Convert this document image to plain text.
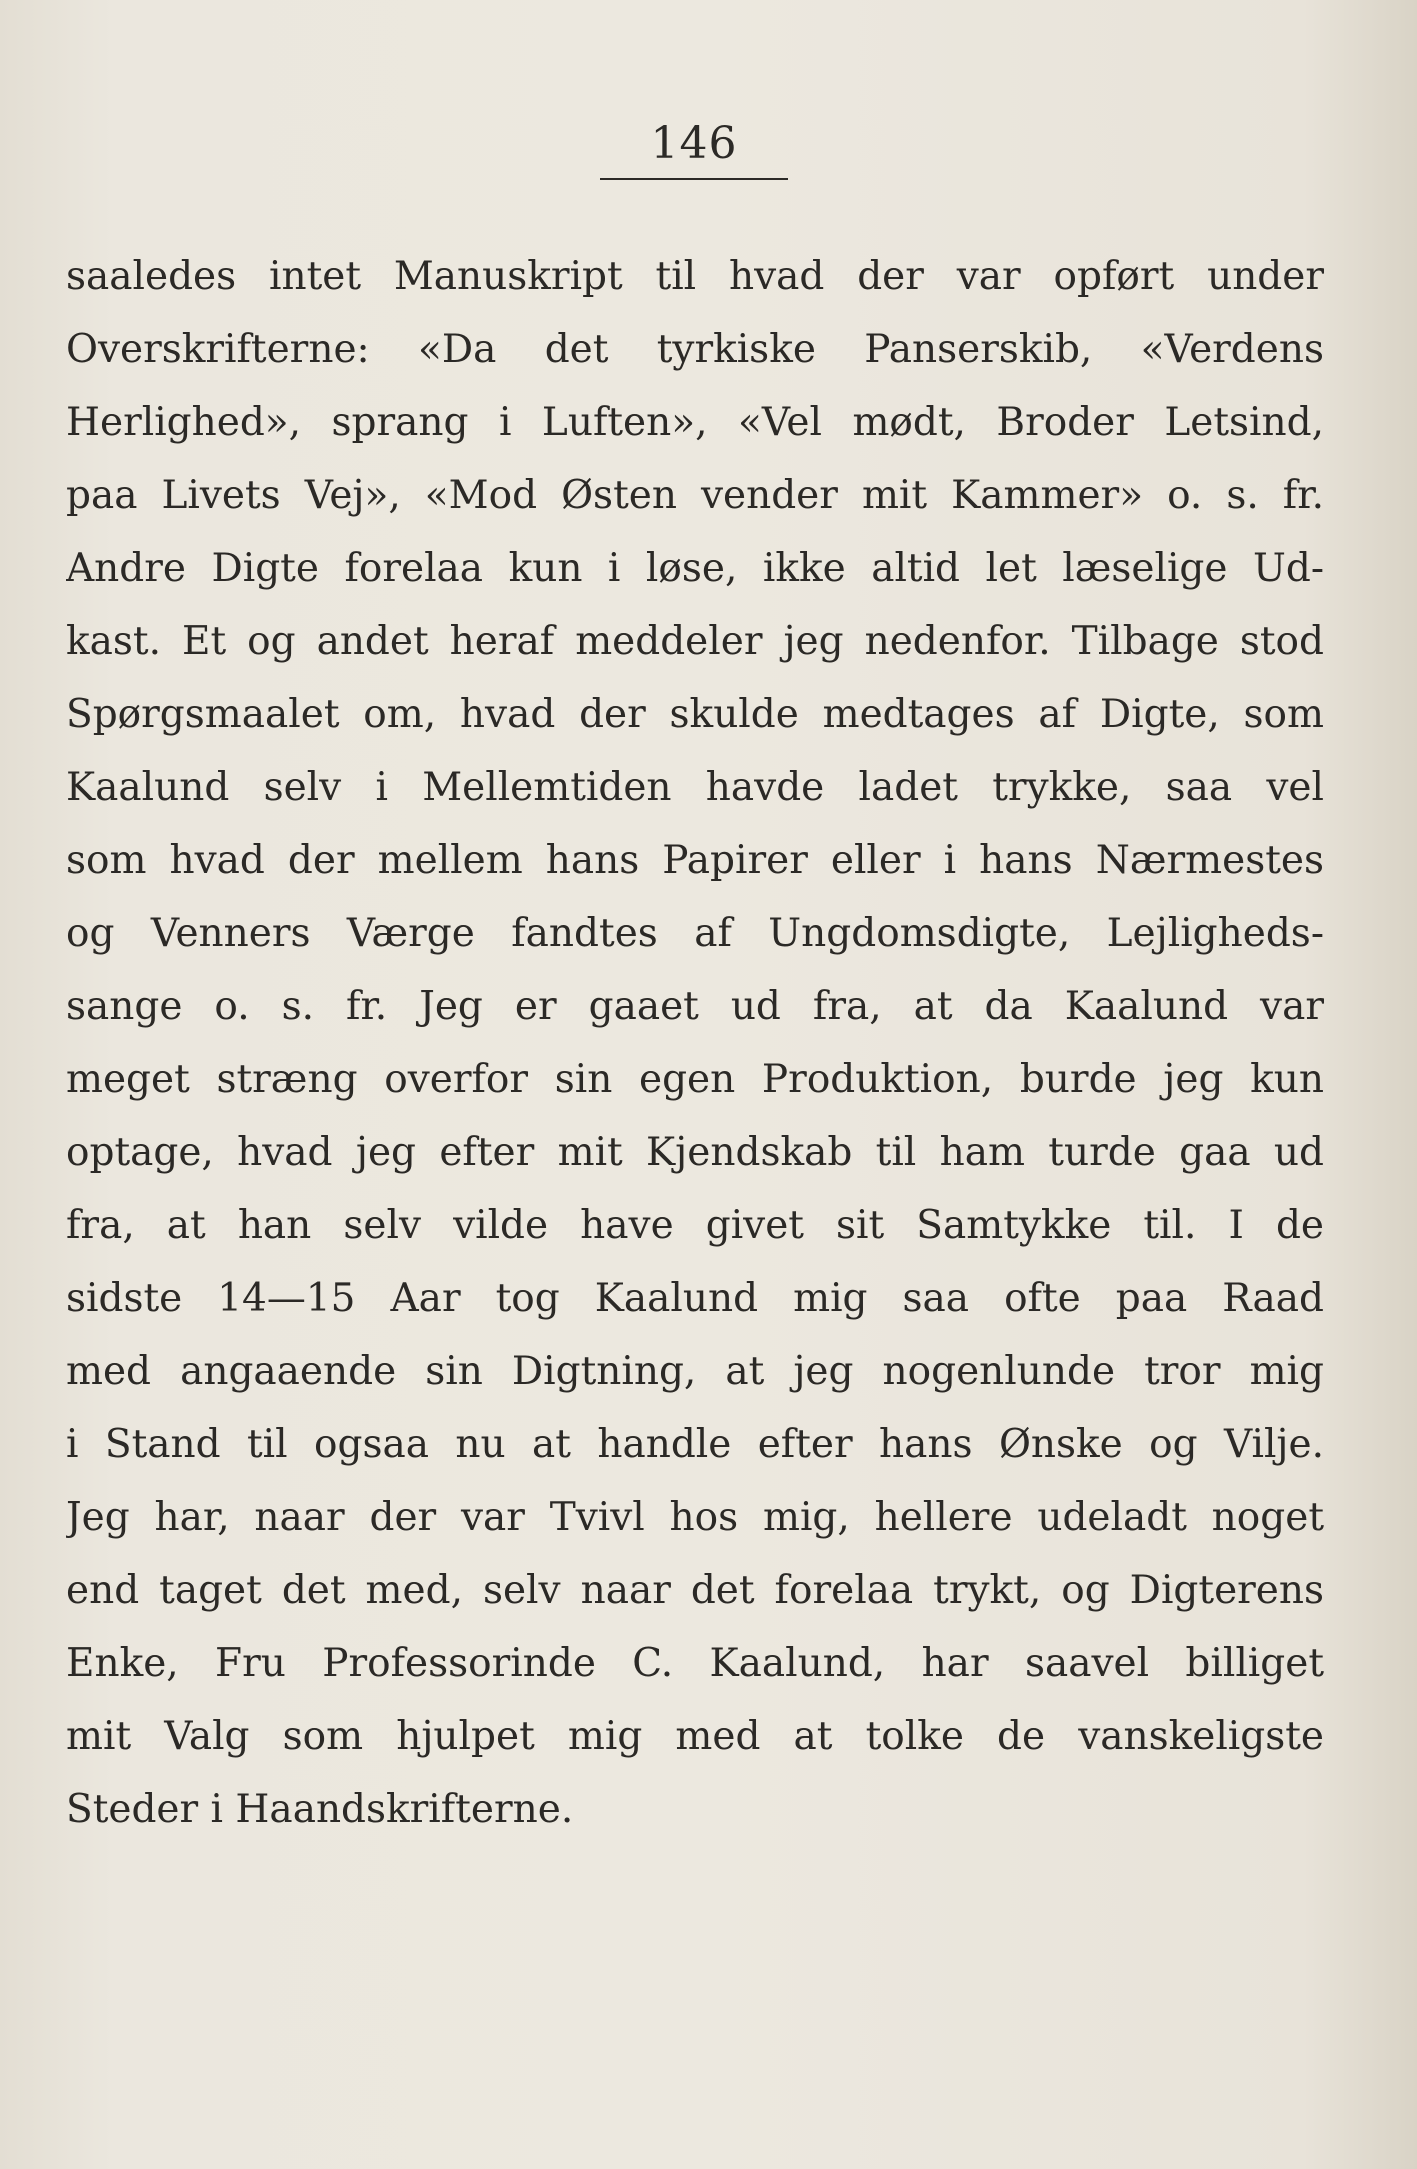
146
saaledes intet Manuskript til hvad der var opført under
Overskrifterne: «Da det tyrkiske Panserskib, «Verdens
Herlighed», sprang i Luften», «Vel mødt, Broder Letsind,
paa Livets Vej», «Mod Østen vender mit Kammer» o. s. fr.
Andre Digte forelaa kun i løse, ikke altid let læselige Ud-
kast. Et og andet heraf meddeler jeg nedenfor. Tilbage stod
Spørgsmaalet om, hvad der skulde medtages af Digte, som
Kaalund selv i Mellemtiden havde ladet trykke, saa vel
som hvad der mellem hans Papirer eller i hans Nærmestes
og Venners Værge fandtes af Ungdomsdigte, Lejligheds-
sange o. s. fr. Jeg er gaaet ud fra, at da Kaalund var
meget stræng overfor sin egen Produktion, burde jeg kun
optage, hvad jeg efter mit Kjendskab til ham turde gaa ud
fra, at han selv vilde have givet sit Samtykke til. I de
sidste 14—15 Aar tog Kaalund mig saa ofte paa Raad
med angaaende sin Digtning, at jeg nogenlunde tror mig
i Stand til ogsaa nu at handle efter hans Ønske og Vilje.
Jeg har, naar der var Tvivl hos mig, hellere udeladt noget
end taget det med, selv naar det forelaa trykt, og Digterens
Enke, Fru Professorinde C. Kaalund, har saavel billiget
mit Valg som hjulpet mig med at tolke de vanskeligste
Steder i Haandskrifterne.
